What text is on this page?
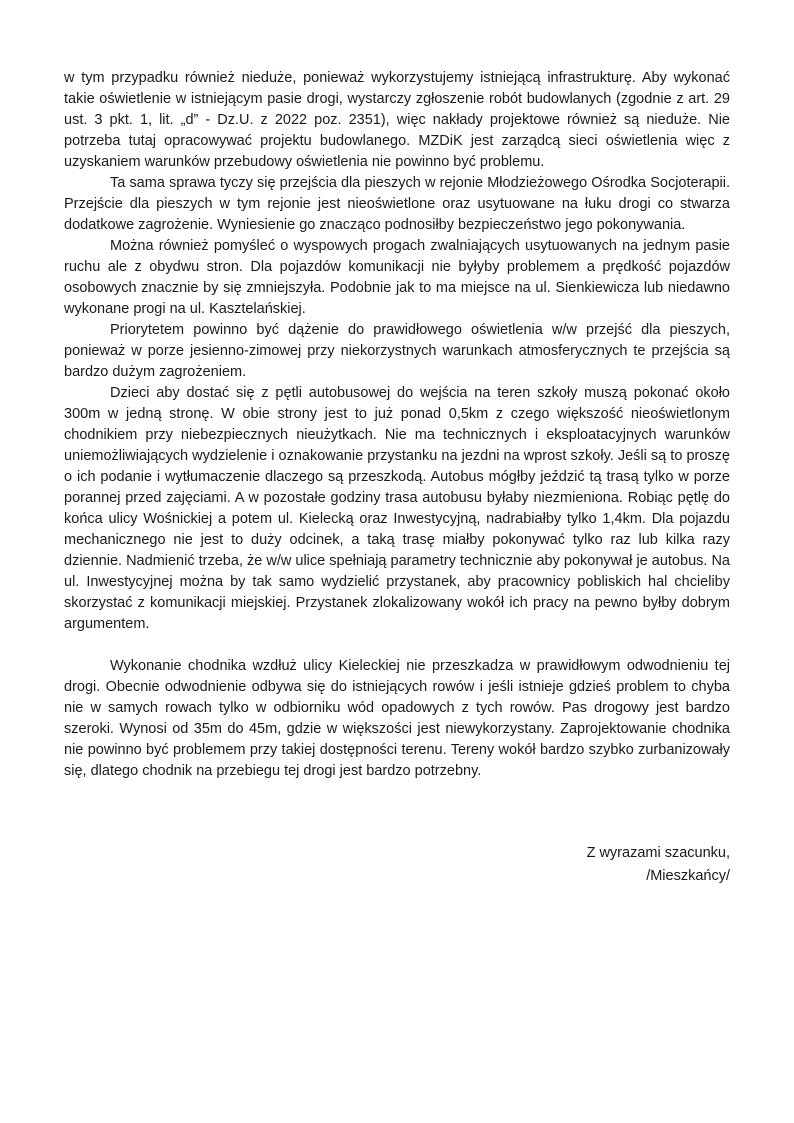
w tym przypadku również nieduże, ponieważ wykorzystujemy istniejącą infrastrukturę. Aby wykonać takie oświetlenie w istniejącym pasie drogi, wystarczy zgłoszenie robót budowlanych (zgodnie z art. 29 ust. 3 pkt. 1, lit. „d” - Dz.U. z 2022 poz. 2351), więc nakłady projektowe również są nieduże. Nie potrzeba tutaj opracowywać projektu budowlanego. MZDiK jest zarządcą sieci oświetlenia więc z uzyskaniem warunków przebudowy oświetlenia nie powinno być problemu.

Ta sama sprawa tyczy się przejścia dla pieszych w rejonie Młodzieżowego Ośrodka Socjoterapii. Przejście dla pieszych w tym rejonie jest nieoświetlone oraz usytuowane na łuku drogi co stwarza dodatkowe zagrożenie. Wyniesienie go znacząco podnosiłby bezpieczeństwo jego pokonywania.

Można również pomyśleć o wyspowych progach zwalniających usytuowanych na jednym pasie ruchu ale z obydwu stron. Dla pojazdów komunikacji nie byłyby problemem a prędkość pojazdów osobowych znacznie by się zmniejszyła. Podobnie jak to ma miejsce na ul. Sienkiewicza lub niedawno wykonane progi na ul. Kasztelańskiej.

Priorytetem powinno być dążenie do prawidłowego oświetlenia w/w przejść dla pieszych, ponieważ w porze jesienno-zimowej przy niekorzystnych warunkach atmosferycznych te przejścia są bardzo dużym zagrożeniem.

Dzieci aby dostać się z pętli autobusowej do wejścia na teren szkoły muszą pokonać około 300m w jedną stronę. W obie strony jest to już ponad 0,5km z czego większość nieoświetlonym chodnikiem przy niebezpiecznych nieużytkach. Nie ma technicznych i eksploatacyjnych warunków uniemożliwiających wydzielenie i oznakowanie przystanku na jezdni na wprost szkoły. Jeśli są to proszę o ich podanie i wytłumaczenie dlaczego są przeszkodą. Autobus mógłby jeździć tą trasą tylko w porze porannej przed zajęciami. A w pozostałe godziny trasa autobusu byłaby niezmieniona. Robiąc pętlę do końca ulicy Wośnickiej a potem ul. Kielecką oraz Inwestycyjną, nadrabiałby tylko 1,4km. Dla pojazdu mechanicznego nie jest to duży odcinek, a taką trasę miałby pokonywać tylko raz lub kilka razy dziennie. Nadmienić trzeba, że w/w ulice spełniają parametry technicznie aby pokonywał je autobus. Na ul. Inwestycyjnej można by tak samo wydzielić przystanek, aby pracownicy pobliskich hal chcieliby skorzystać z komunikacji miejskiej. Przystanek zlokalizowany wokół ich pracy na pewno byłby dobrym argumentem.

Wykonanie chodnika wzdłuż ulicy Kieleckiej nie przeszkadza w prawidłowym odwodnieniu tej drogi. Obecnie odwodnienie odbywa się do istniejących rowów i jeśli istnieje gdzieś problem to chyba nie w samych rowach tylko w odbiorniku wód opadowych z tych rowów. Pas drogowy jest bardzo szeroki. Wynosi od 35m do 45m, gdzie w większości jest niewykorzystany. Zaprojektowanie chodnika nie powinno być problemem przy takiej dostępności terenu. Tereny wokół bardzo szybko zurbanizowały się, dlatego chodnik na przebiegu tej drogi jest bardzo potrzebny.

Z wyrazami szacunku,

/Mieszkańcy/
